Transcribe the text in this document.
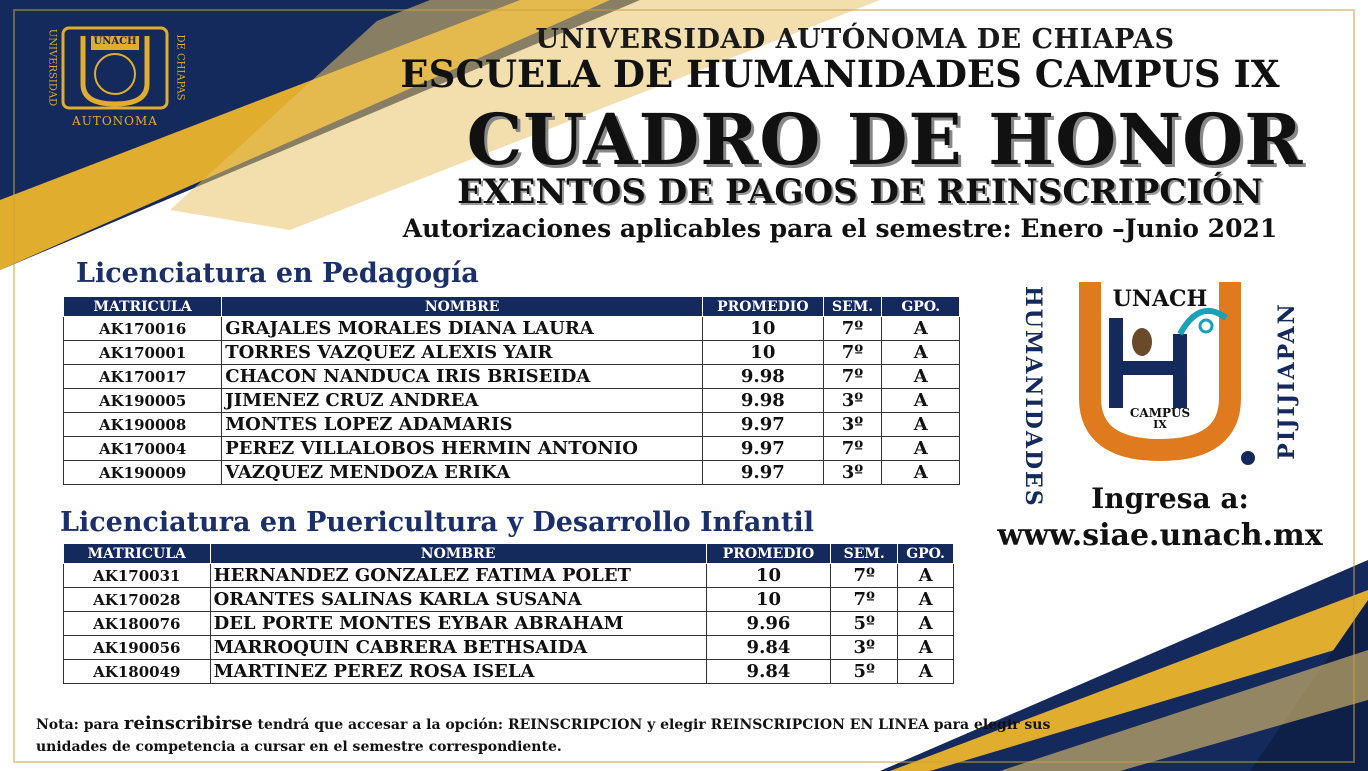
UNACH
AUTONOMA
UNIVERSIDAD	DE CHIAPAS	UNIVERSIDAD AUTÓNOMA DE CHIAPAS
ESCUELA DE HUMANIDADES CAMPUS IX
CUADRO DE HONOR
EXENTOS DE PAGOS DE REINSCRIPCIÓN
Autorizaciones aplicables para el semestre: Enero –Junio 2021
Licenciatura en Pedagogía
MATRICULA	NOMBRE	PROMEDIO	SEM.	GPO.
AK170016	GRAJALES MORALES DIANA LAURA	10	7º	A
AK170001	TORRES VAZQUEZ ALEXIS YAIR	10	7º	A
AK170017	CHACON NANDUCA IRIS BRISEIDA	9.98	7º	A
AK190005	JIMENEZ CRUZ ANDREA	9.98	3º	A
AK190008	MONTES LOPEZ ADAMARIS	9.97	3º	A
AK170004	PEREZ VILLALOBOS HERMIN ANTONIO	9.97	7º	A
AK190009	VAZQUEZ MENDOZA ERIKA	9.97	3º	A
Licenciatura en Puericultura y Desarrollo Infantil
MATRICULA	NOMBRE	PROMEDIO	SEM.	GPO.
AK170031	HERNANDEZ GONZALEZ FATIMA POLET	10	7º	A
AK170028	ORANTES SALINAS KARLA SUSANA	10	7º	A
AK180076	DEL PORTE MONTES EYBAR ABRAHAM	9.96	5º	A
AK190056	MARROQUIN CABRERA BETHSAIDA	9.84	3º	A
AK180049	MARTINEZ PEREZ ROSA ISELA	9.84	5º	A
UNACH
HUMANIDADES	PIJIJIAPAN
CAMPUS
IX
Ingresa a:
www.siae.unach.mx
Nota: para reinscribirse tendrá que accesar a la opción: REINSCRIPCION y elegir REINSCRIPCION EN LINEA para elegir sus unidades de competencia a cursar en el semestre correspondiente.
